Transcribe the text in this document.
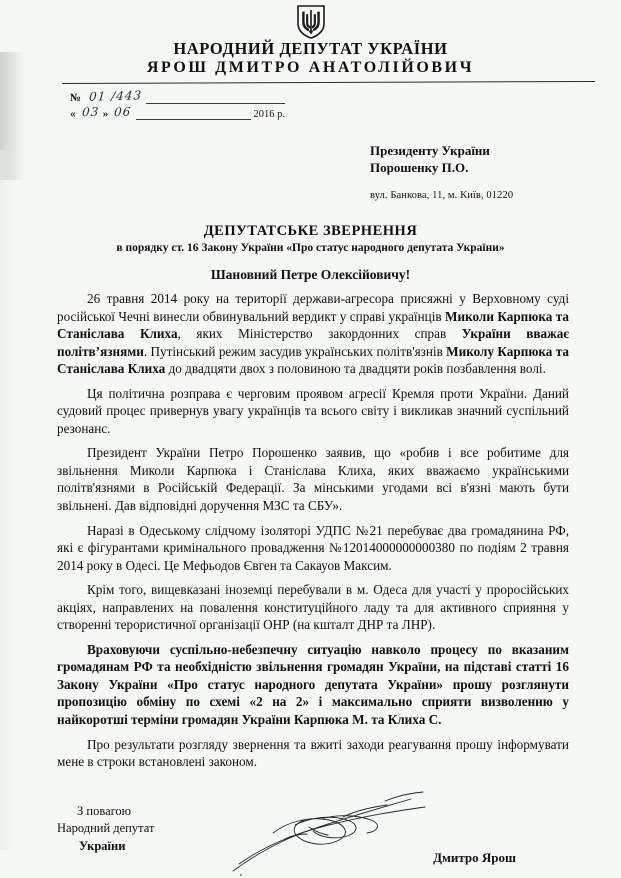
НАРОДНИЙ ДЕПУТАТ УКРАЇНИ
ЯРОШ ДМИТРО АНАТОЛІЙОВИЧ
№ 01 /443
« 03 » 06	2016 р.
Президенту України
Порошенку П.О.
вул. Банкова, 11, м. Київ, 01220
ДЕПУТАТСЬКЕ ЗВЕРНЕННЯ
в порядку ст. 16 Закону України «Про статус народного депутата України»
Шановний Петре Олексійовичу!

26 травня 2014 року на території держави-агресора присяжні у Верховному суді російської Чечні винесли обвинувальний вердикт у справі українців Миколи Карпюка та Станіслава Клиха, яких Міністерство закордонних справ України вважає політв’язнями. Путінський режим засудив українських політв'язнів Миколу Карпюка та Станіслава Клиха до двадцяти двох з половиною та двадцяти років позбавлення волі.

Ця політична розправа є черговим проявом агресії Кремля проти України. Даний судовий процес привернув увагу українців та всього світу і викликав значний суспільний резонанс.

Президент України Петро Порошенко заявив, що «робив і все робитиме для звільнення Миколи Карпюка і Станіслава Клиха, яких вважаємо українськими політв'язнями в Російській Федерації. За мінськими угодами всі в'язні мають бути звільнені. Дав відповідні доручення МЗС та СБУ».

Наразі в Одеському слідчому ізоляторі УДПС №21 перебуває два громадянина РФ, які є фігурантами кримінального провадження №12014000000000380 по подіям 2 травня 2014 року в Одесі. Це Мефьодов Євген та Сакауов Максим.

Крім того, вищевказані іноземці перебували в м. Одеса для участі у проросійських акціях, направлених на повалення конституційного ладу та для активного сприяння у створенні терористичної організації ОНР (на кшталт ДНР та ЛНР).

Враховуючи суспільно-небезпечну ситуацію навколо процесу по вказаним громадянам РФ та необхідністю звільнення громадян України, на підставі статті 16 Закону України «Про статус народного депутата України» прошу розглянути пропозицію обміну по схемі «2 на 2» і максимально сприяти визволенню у найкоротші терміни громадян України Карпюка М. та Клиха С.

Про результати розгляду звернення та вжиті заходи реагування прошу інформувати мене в строки встановлені законом.

З повагою
Народний депутат
України
Дмитро Ярош
